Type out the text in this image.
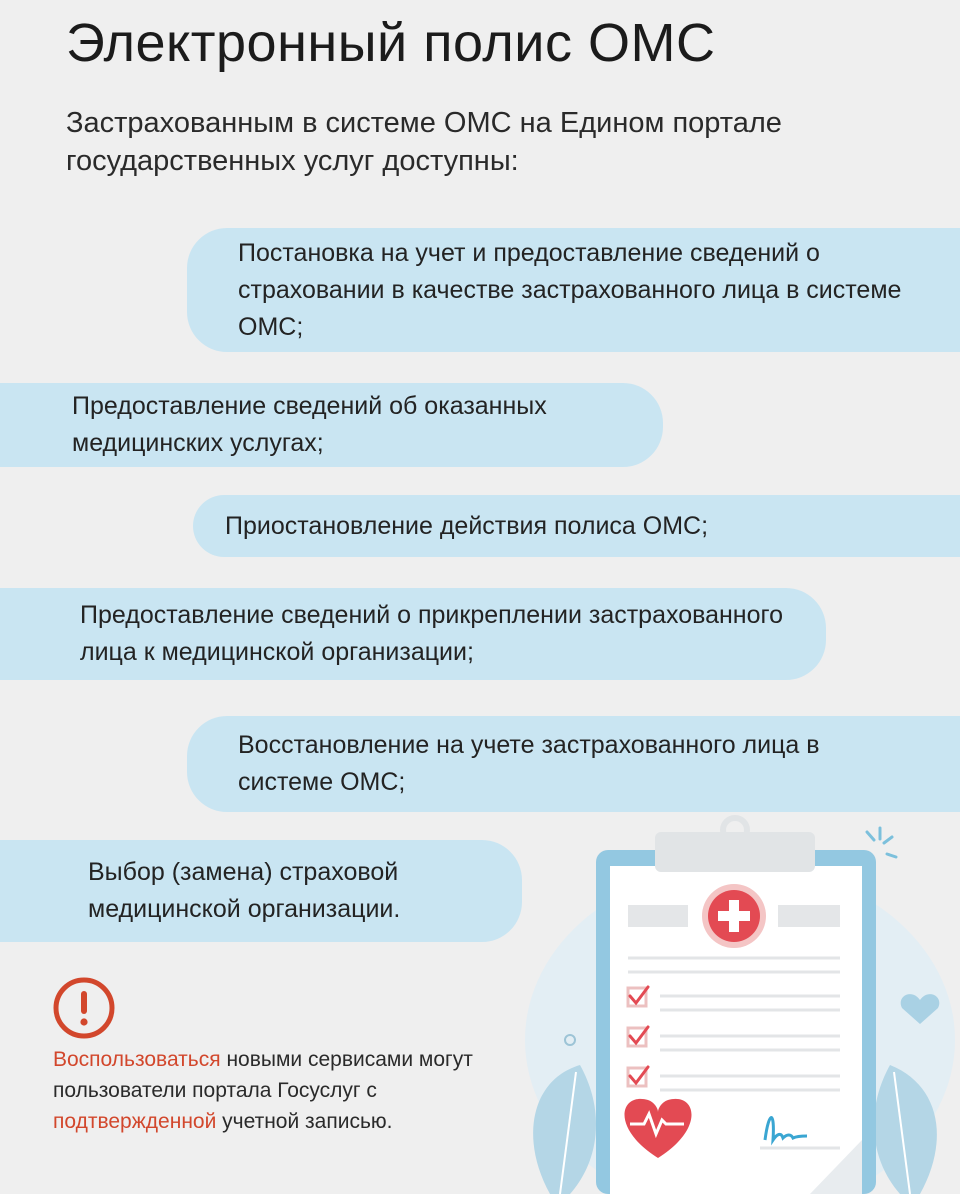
Электронный полис ОМС

Застрахованным в системе ОМС на Едином портале государственных услуг доступны:

Постановка на учет и предоставление сведений о страховании в качестве застрахованного лица в системе ОМС;
Предоставление сведений об оказанных медицинских услугах;
Приостановление действия полиса ОМС;
Предоставление сведений о прикреплении застрахованного лица к медицинской организации;
Восстановление на учете застрахованного лица в системе ОМС;
Выбор (замена) страховой медицинской организации.
Воспользоваться новыми сервисами могут пользователи портала Госуслуг с подтвержденной учетной записью.
